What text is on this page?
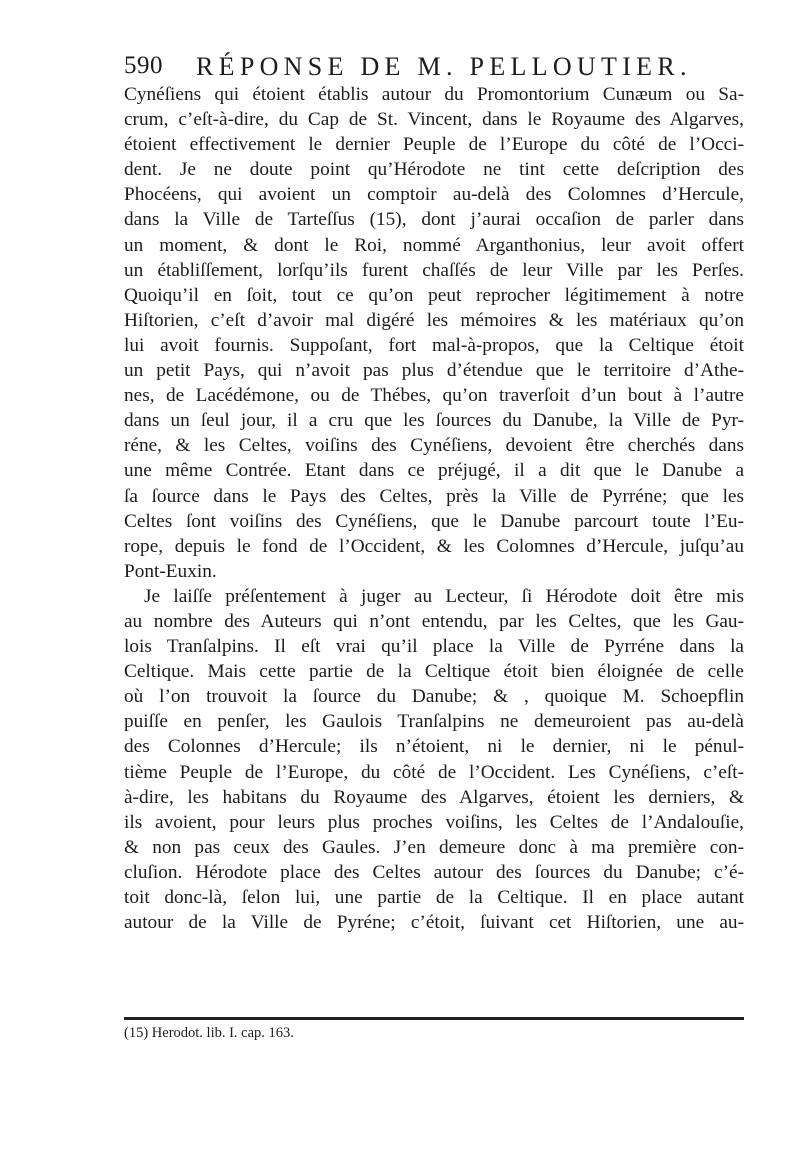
590 RÉPONSE DE M. PELLOUTIER.
Cynéſiens qui étoient établis autour du Promontorium Cunæum ou Sa-
crum, c’eſt-à-dire, du Cap de St. Vincent, dans le Royaume des Algarves,
étoient effectivement le dernier Peuple de l’Europe du côté de l’Occi-
dent. Je ne doute point qu’Hérodote ne tint cette deſcription des
Phocéens, qui avoient un comptoir au-delà des Colomnes d’Hercule,
dans la Ville de Tarteſſus (15), dont j’aurai occaſion de parler dans
un moment, & dont le Roi, nommé Arganthonius, leur avoit offert
un établiſſement, lorſqu’ils furent chaſſés de leur Ville par les Perſes.
Quoiqu’il en ſoit, tout ce qu’on peut reprocher légitimement à notre
Hiſtorien, c’eſt d’avoir mal digéré les mémoires & les matériaux qu’on
lui avoit fournis. Suppoſant, fort mal-à-propos, que la Celtique étoit
un petit Pays, qui n’avoit pas plus d’étendue que le territoire d’Athe-
nes, de Lacédémone, ou de Thébes, qu’on traverſoit d’un bout à l’autre
dans un ſeul jour, il a cru que les ſources du Danube, la Ville de Pyr-
réne, & les Celtes, voiſins des Cynéſiens, devoient être cherchés dans
une même Contrée. Etant dans ce préjugé, il a dit que le Danube a
ſa ſource dans le Pays des Celtes, près la Ville de Pyrréne; que les
Celtes ſont voiſins des Cynéſiens, que le Danube parcourt toute l’Eu-
rope, depuis le fond de l’Occident, & les Colomnes d’Hercule, juſqu’au
Pont-Euxin.
Je laiſſe préſentement à juger au Lecteur, ſi Hérodote doit être mis
au nombre des Auteurs qui n’ont entendu, par les Celtes, que les Gau-
lois Tranſalpins. Il eſt vrai qu’il place la Ville de Pyrréne dans la
Celtique. Mais cette partie de la Celtique étoit bien éloignée de celle
où l’on trouvoit la ſource du Danube; & , quoique M. Schoepflin
puiſſe en penſer, les Gaulois Tranſalpins ne demeuroient pas au-delà
des Colonnes d’Hercule; ils n’étoient, ni le dernier, ni le pénul-
tième Peuple de l’Europe, du côté de l’Occident. Les Cynéſiens, c’eſt-
à-dire, les habitans du Royaume des Algarves, étoient les derniers, &
ils avoient, pour leurs plus proches voiſins, les Celtes de l’Andalouſie,
& non pas ceux des Gaules. J’en demeure donc à ma première con-
cluſion. Hérodote place des Celtes autour des ſources du Danube; c’é-
toit donc-là, ſelon lui, une partie de la Celtique. Il en place autant
autour de la Ville de Pyréne; c’étoit, ſuivant cet Hiſtorien, une au-
(15) Herodot. lib. I. cap. 163.
